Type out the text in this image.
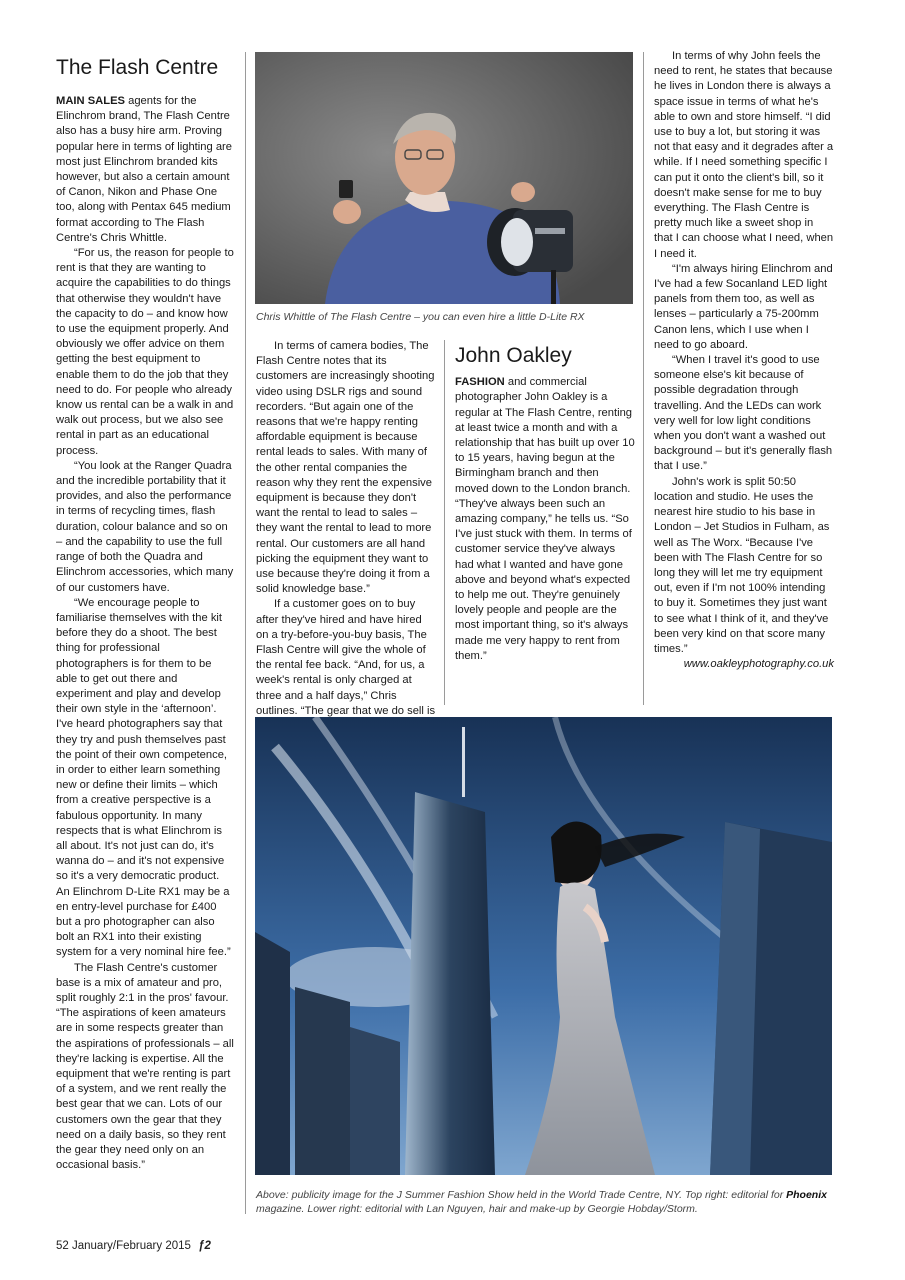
The Flash Centre

MAIN SALES agents for the Elinchrom brand, The Flash Centre also has a busy hire arm. Proving popular here in terms of lighting are most just Elinchrom branded kits however, but also a certain amount of Canon, Nikon and Phase One too, along with Pentax 645 medium format according to The Flash Centre's Chris Whittle.

“For us, the reason for people to rent is that they are wanting to acquire the capabilities to do things that otherwise they wouldn't have the capacity to do – and know how to use the equipment properly. And obviously we offer advice on them getting the best equipment to enable them to do the job that they need to do. For people who already know us rental can be a walk in and walk out process, but we also see rental in part as an educational process.

“You look at the Ranger Quadra and the incredible portability that it provides, and also the performance in terms of recycling times, flash duration, colour balance and so on – and the capability to use the full range of both the Quadra and Elinchrom accessories, which many of our customers have.

“We encourage people to familiarise themselves with the kit before they do a shoot. The best thing for professional photographers is for them to be able to get out there and experiment and play and develop their own style in the ‘afternoon’. I've heard photographers say that they try and push themselves past the point of their own competence, in order to either learn something new or define their limits – which from a creative perspective is a fabulous opportunity. In many respects that is what Elinchrom is all about. It's not just can do, it's wanna do – and it's not expensive so it's a very democratic product. An Elinchrom D-Lite RX1 may be a en entry-level purchase for £400 but a pro photographer can also bolt an RX1 into their existing system for a very nominal hire fee.”

The Flash Centre's customer base is a mix of amateur and pro, split roughly 2:1 in the pros' favour. “The aspirations of keen amateurs are in some respects greater than the aspirations of professionals – all they're lacking is expertise. All the equipment that we're renting is part of a system, and we rent really the best gear that we can. Lots of our customers own the gear that they need on a daily basis, so they rent the gear they need only on an occasional basis.”

Chris Whittle of The Flash Centre – you can even hire a little D-Lite RX

In terms of camera bodies, The Flash Centre notes that its customers are increasingly shooting video using DSLR rigs and sound recorders. “But again one of the reasons that we're happy renting affordable equipment is because rental leads to sales. With many of the other rental companies the reason why they rent the expensive equipment is because they don't want the rental to lead to sales – they want the rental to lead to more rental. Our customers are all hand picking the equipment they want to use because they're doing it from a solid knowledge base.”

If a customer goes on to buy after they've hired and have hired on a try-before-you-buy basis, The Flash Centre will give the whole of the rental fee back. “And, for us, a week's rental is only charged at three and a half days,” Chris outlines. “The gear that we do sell is

John Oakley

FASHION and commercial photographer John Oakley is a regular at The Flash Centre, renting at least twice a month and with a relationship that has built up over 10 to 15 years, having begun at the Birmingham branch and then moved down to the London branch. “They've always been such an amazing company,” he tells us. “So I've just stuck with them. In terms of customer service they've always had what I wanted and have gone above and beyond what's expected to help me out. They're genuinely lovely people and people are the most important thing, so it's always made me very happy to rent from them.”

In terms of why John feels the need to rent, he states that because he lives in London there is always a space issue in terms of what he's able to own and store himself. “I did use to buy a lot, but storing it was not that easy and it degrades after a while. If I need something specific I can put it onto the client's bill, so it doesn't make sense for me to buy everything. The Flash Centre is pretty much like a sweet shop in that I can choose what I need, when I need it.

“I'm always hiring Elinchrom and I've had a few Socanland LED light panels from them too, as well as lenses – particularly a 75-200mm Canon lens, which I use when I need to go aboard.

“When I travel it's good to use someone else's kit because of possible degradation through travelling. And the LEDs can work very well for low light conditions when you don't want a washed out background – but it's generally flash that I use.”

John's work is split 50:50 location and studio. He uses the nearest hire studio to his base in London – Jet Studios in Fulham, as well as The Worx. “Because I've been with The Flash Centre for so long they will let me try equipment out, even if I'm not 100% intending to buy it. Sometimes they just want to see what I think of it, and they've been very kind on that score many times.”

www.oakleyphotography.co.uk

Above: publicity image for the J Summer Fashion Show held in the World Trade Centre, NY. Top right: editorial for Phoenix magazine. Lower right: editorial with Lan Nguyen, hair and make-up by Georgie Hobday/Storm.
52 January/February 2015 ƒ2
